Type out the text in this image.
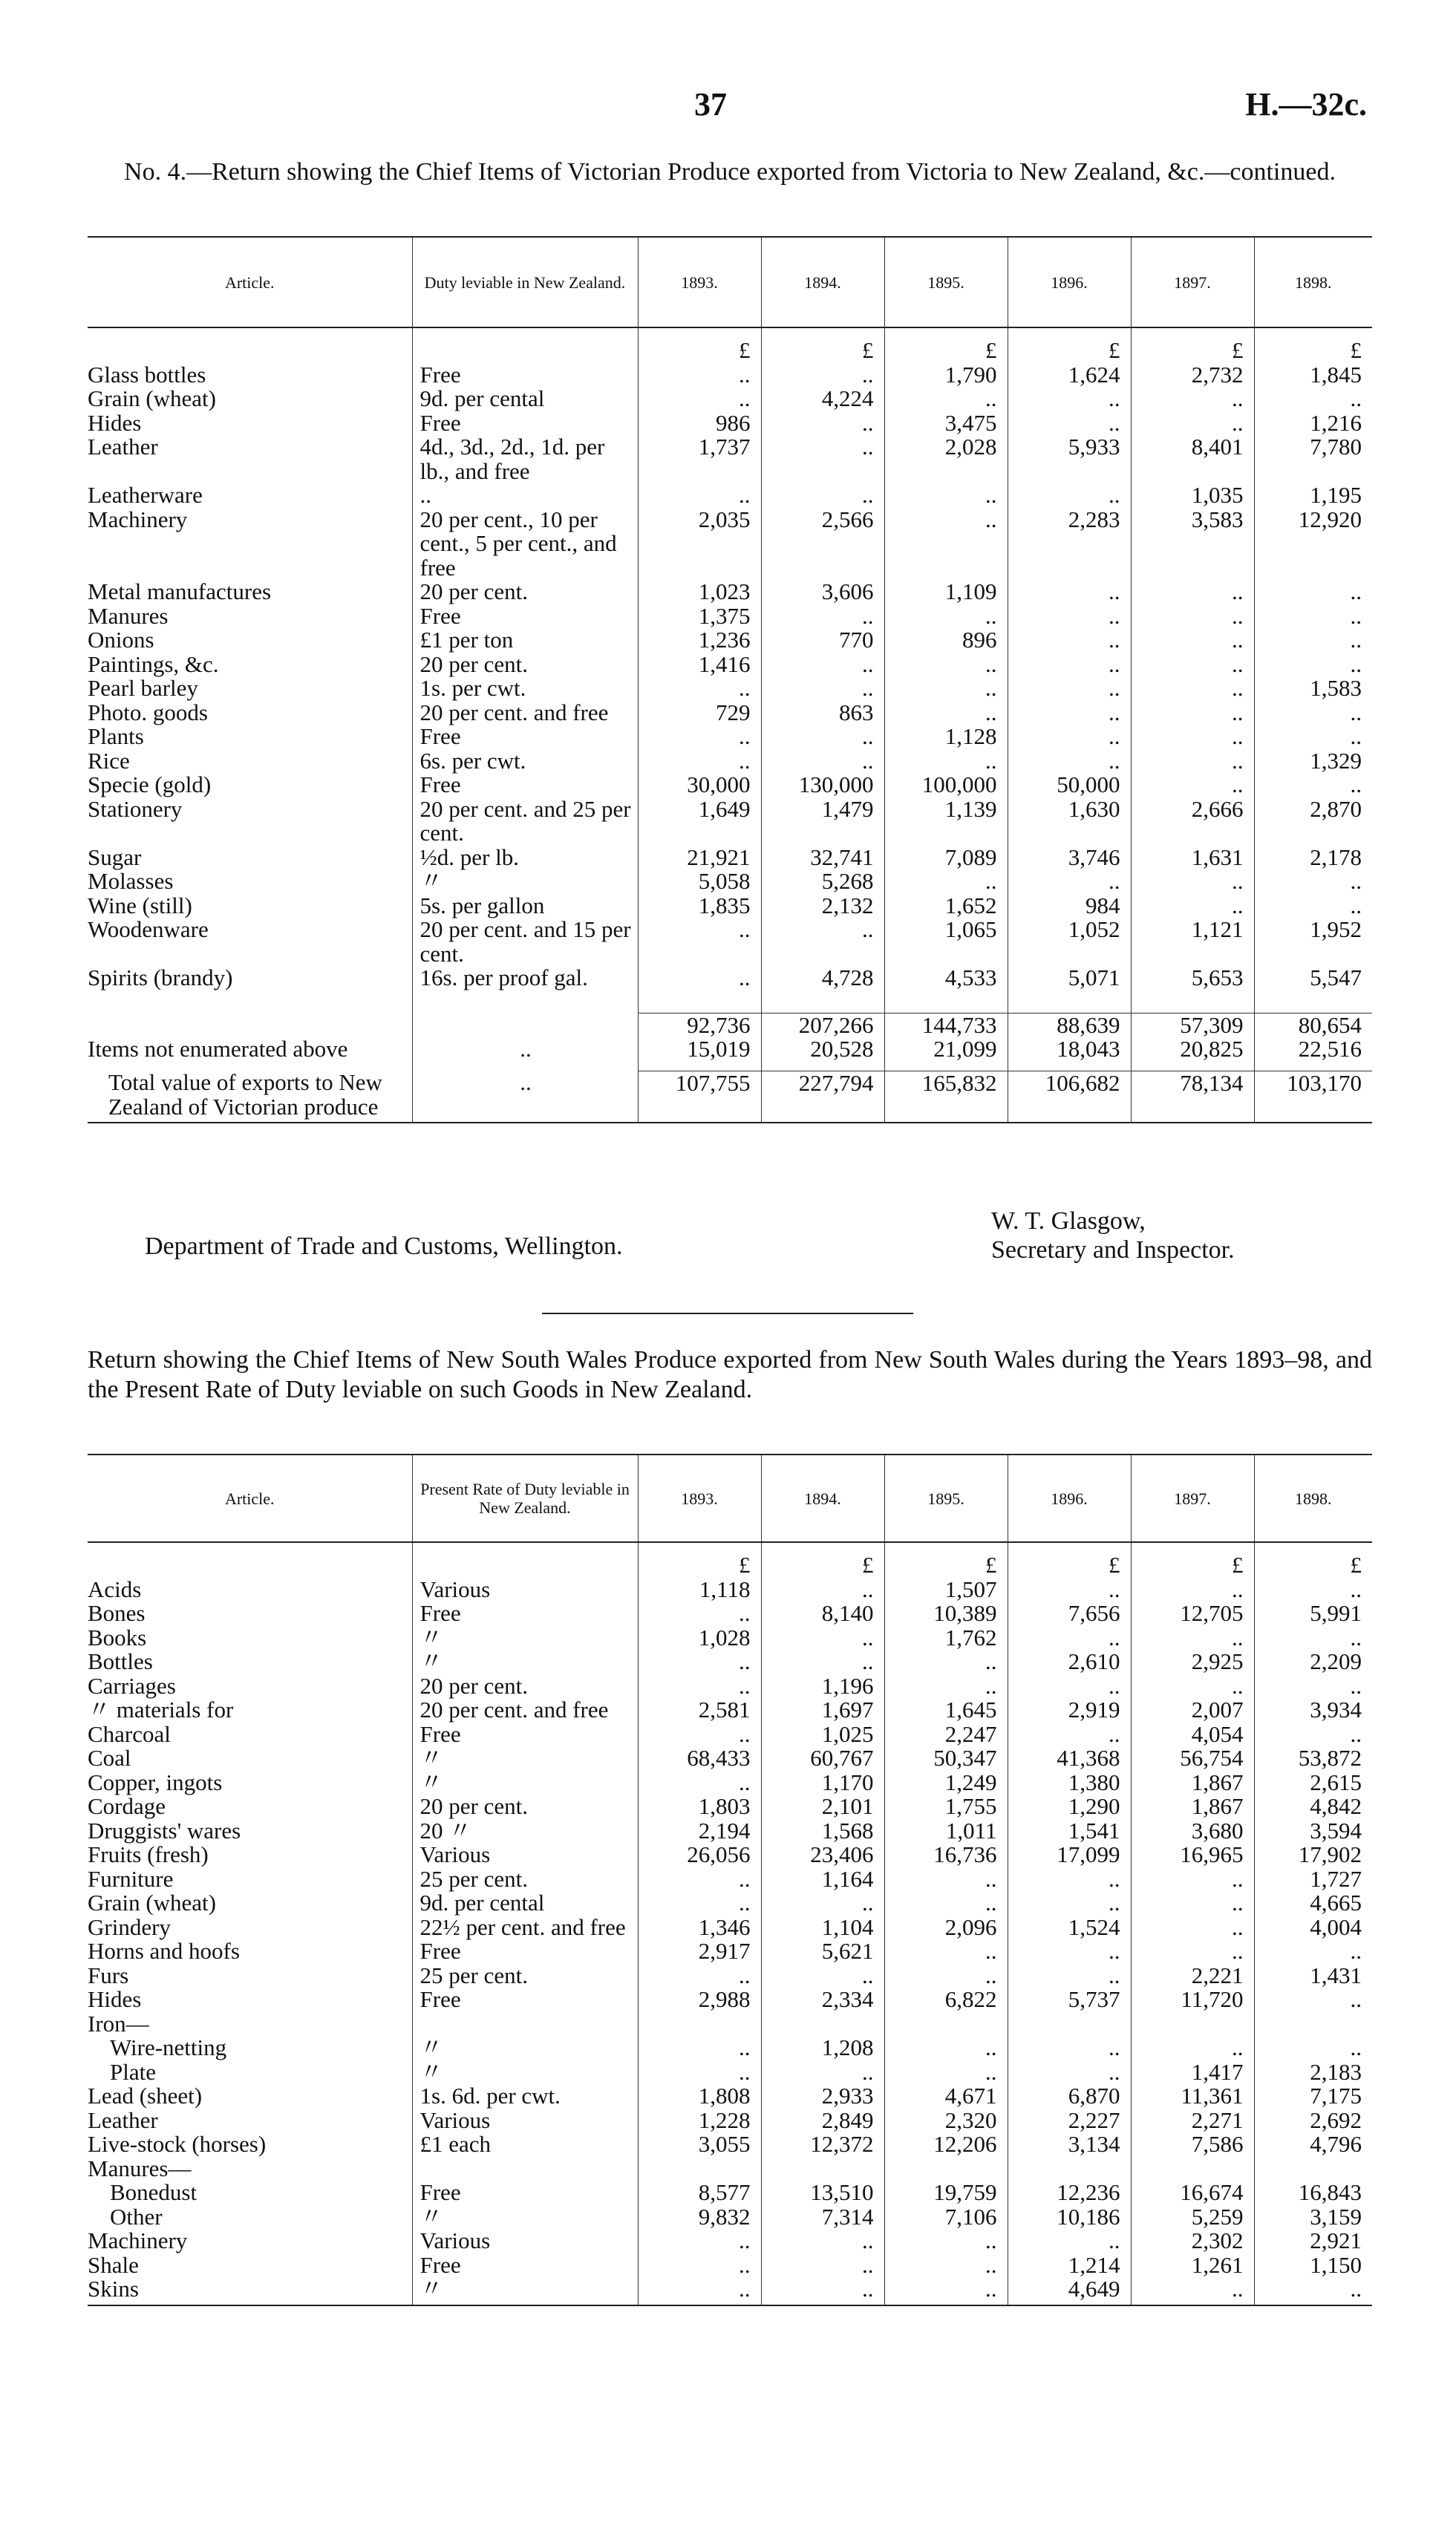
37	H.—32c.
No. 4.—Return showing the Chief Items of Victorian Produce exported from Victoria to New Zealand, &c.—continued.
Article.	Duty leviable in New Zealand.	1893.	1894.	1895.	1896.	1897.	1898.
		£	£	£	£	£	£
Glass bottles	Free	..	..	1,790	1,624	2,732	1,845
Grain (wheat)	9d. per cental	..	4,224	..	..	..	..
Hides	Free	986	..	3,475	..	..	1,216
Leather	4d., 3d., 2d., 1d. per lb., and free	1,737	..	2,028	5,933	8,401	7,780
Leatherware	..	..	..	..	..	1,035	1,195
Machinery	20 per cent., 10 per cent., 5 per cent., and free	2,035	2,566	..	2,283	3,583	12,920
Metal manufactures	20 per cent.	1,023	3,606	1,109	..	..	..
Manures	Free	1,375	..	..	..	..	..
Onions	£1 per ton	1,236	770	896	..	..	..
Paintings, &c.	20 per cent.	1,416	..	..	..	..	..
Pearl barley	1s. per cwt.	..	..	..	..	..	1,583
Photo. goods	20 per cent. and free	729	863	..	..	..	..
Plants	Free	..	..	1,128	..	..	..
Rice	6s. per cwt.	..	..	..	..	..	1,329
Specie (gold)	Free	30,000	130,000	100,000	50,000	..	..
Stationery	20 per cent. and 25 per cent.	1,649	1,479	1,139	1,630	2,666	2,870
Sugar	½d. per lb.	21,921	32,741	7,089	3,746	1,631	2,178
Molasses	〃	5,058	5,268	..	..	..	..
Wine (still)	5s. per gallon	1,835	2,132	1,652	984	..	..
Woodenware	20 per cent. and 15 per cent.	..	..	1,065	1,052	1,121	1,952
Spirits (brandy)	16s. per proof gal.	..	4,728	4,533	5,071	5,653	5,547

		92,736	207,266	144,733	88,639	57,309	80,654
Items not enumerated above	..	15,019	20,528	21,099	18,043	20,825	22,516

Total value of exports to New Zealand of Victorian produce	..	107,755	227,794	165,832	106,682	78,134	103,170
W. T. Glasgow,
Department of Trade and Customs, Wellington.	Secretary and Inspector.
Return showing the Chief Items of New South Wales Produce exported from New South Wales during the Years 1893–98, and the Present Rate of Duty leviable on such Goods in New Zealand.
Article.	Present Rate of Duty leviable in New Zealand.	1893.	1894.	1895.	1896.	1897.	1898.
		£	£	£	£	£	£
Acids	Various	1,118	..	1,507	..	..	..
Bones	Free	..	8,140	10,389	7,656	12,705	5,991
Books	〃	1,028	..	1,762	..	..	..
Bottles	〃	..	..	..	2,610	2,925	2,209
Carriages	20 per cent.	..	1,196	..	..	..	..
〃 materials for	20 per cent. and free	2,581	1,697	1,645	2,919	2,007	3,934
Charcoal	Free	..	1,025	2,247	..	4,054	..
Coal	〃	68,433	60,767	50,347	41,368	56,754	53,872
Copper, ingots	〃	..	1,170	1,249	1,380	1,867	2,615
Cordage	20 per cent.	1,803	2,101	1,755	1,290	1,867	4,842
Druggists' wares	20 〃	2,194	1,568	1,011	1,541	3,680	3,594
Fruits (fresh)	Various	26,056	23,406	16,736	17,099	16,965	17,902
Furniture	25 per cent.	..	1,164	..	..	..	1,727
Grain (wheat)	9d. per cental	..	..	..	..	..	4,665
Grindery	22½ per cent. and free	1,346	1,104	2,096	1,524	..	4,004
Horns and hoofs	Free	2,917	5,621	..	..	..	..
Furs	25 per cent.	..	..	..	..	2,221	1,431
Hides	Free	2,988	2,334	6,822	5,737	11,720	..
Iron—							
Wire-netting	〃	..	1,208	..	..	..	..
Plate	〃	..	..	..	..	1,417	2,183
Lead (sheet)	1s. 6d. per cwt.	1,808	2,933	4,671	6,870	11,361	7,175
Leather	Various	1,228	2,849	2,320	2,227	2,271	2,692
Live-stock (horses)	£1 each	3,055	12,372	12,206	3,134	7,586	4,796
Manures—							
Bonedust	Free	8,577	13,510	19,759	12,236	16,674	16,843
Other	〃	9,832	7,314	7,106	10,186	5,259	3,159
Machinery	Various	..	..	..	..	2,302	2,921
Shale	Free	..	..	..	1,214	1,261	1,150
Skins	〃	..	..	..	4,649	..	..
